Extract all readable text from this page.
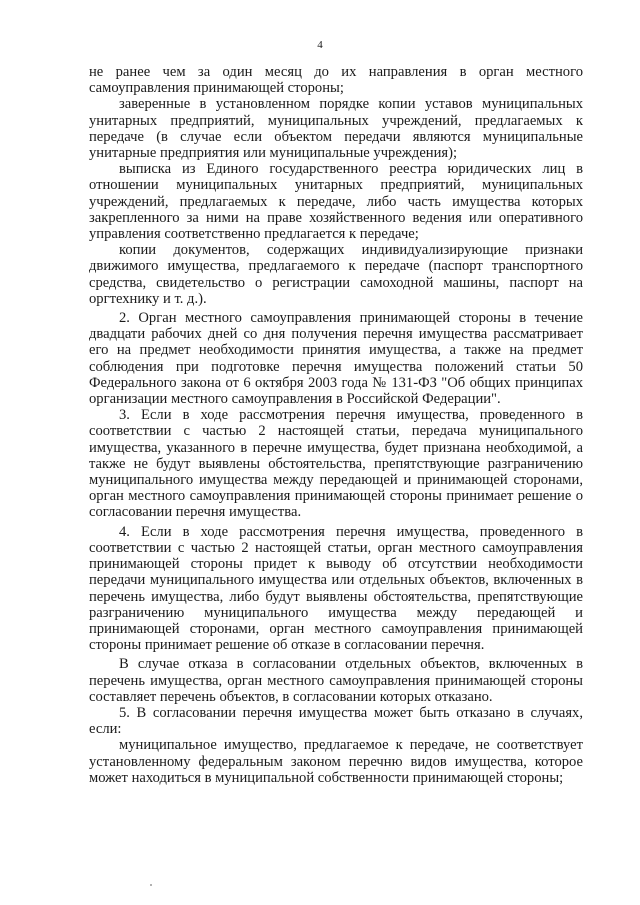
4

не ранее чем за один месяц до их направления в орган местного самоуправления принимающей стороны;

заверенные в установленном порядке копии уставов муниципальных унитарных предприятий, муниципальных учреждений, предлагаемых к передаче (в случае если объектом передачи являются муниципальные унитарные предприятия или муниципальные учреждения);

выписка из Единого государственного реестра юридических лиц в отношении муниципальных унитарных предприятий, муниципальных учреждений, предлагаемых к передаче, либо часть имущества которых закрепленного за ними на праве хозяйственного ведения или оперативного управления соответственно предлагается к передаче;

копии документов, содержащих индивидуализирующие признаки движимого имущества, предлагаемого к передаче (паспорт транспортного средства, свидетельство о регистрации самоходной машины, паспорт на оргтехнику и т. д.).

2. Орган местного самоуправления принимающей стороны в течение двадцати рабочих дней со дня получения перечня имущества рассматривает его на предмет необходимости принятия имущества, а также на предмет соблюдения при подготовке перечня имущества положений статьи 50 Федерального закона от 6 октября 2003 года № 131-ФЗ "Об общих принципах организации местного самоуправления в Российской Федерации".

3. Если в ходе рассмотрения перечня имущества, проведенного в соответствии с частью 2 настоящей статьи, передача муниципального имущества, указанного в перечне имущества, будет признана необходимой, а также не будут выявлены обстоятельства, препятствующие разграничению муниципального имущества между передающей и принимающей сторонами, орган местного самоуправления принимающей стороны принимает решение о согласовании перечня имущества.

4. Если в ходе рассмотрения перечня имущества, проведенного в соответствии с частью 2 настоящей статьи, орган местного самоуправления принимающей стороны придет к выводу об отсутствии необходимости передачи муниципального имущества или отдельных объектов, включенных в перечень имущества, либо будут выявлены обстоятельства, препятствующие разграничению муниципального имущества между передающей и принимающей сторонами, орган местного самоуправления принимающей стороны принимает решение об отказе в согласовании перечня.

В случае отказа в согласовании отдельных объектов, включенных в перечень имущества, орган местного самоуправления принимающей стороны составляет перечень объектов, в согласовании которых отказано.

5. В согласовании перечня имущества может быть отказано в случаях, если:

муниципальное имущество, предлагаемое к передаче, не соответствует установленному федеральным законом перечню видов имущества, которое может находиться в муниципальной собственности принимающей стороны;
